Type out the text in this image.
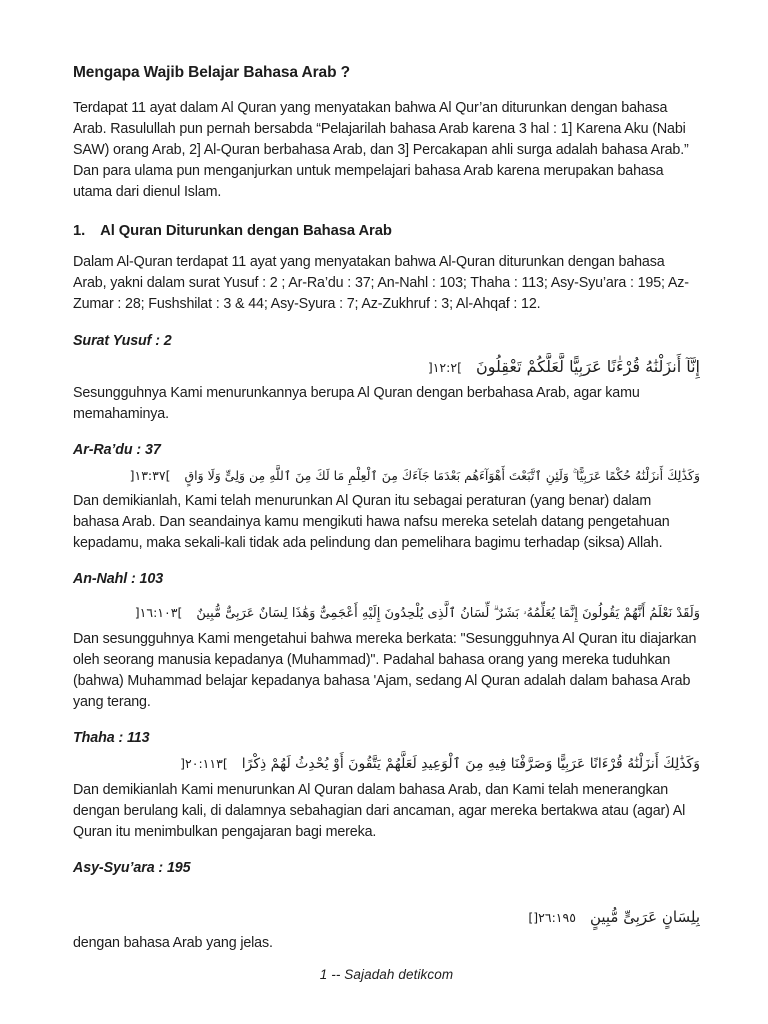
Mengapa Wajib Belajar Bahasa Arab ?

Terdapat 11 ayat dalam Al Quran yang menyatakan bahwa Al Qur’an diturunkan dengan bahasa Arab. Rasulullah pun pernah bersabda “Pelajarilah bahasa Arab karena 3 hal : 1] Karena Aku (Nabi SAW) orang Arab, 2] Al-Quran berbahasa Arab, dan 3] Percakapan ahli surga adalah bahasa Arab.” Dan para ulama pun menganjurkan untuk mempelajari bahasa Arab karena merupakan bahasa utama dari dienul Islam.

1. Al Quran Diturunkan dengan Bahasa Arab

Dalam Al-Quran terdapat 11 ayat yang menyatakan bahwa Al-Quran diturunkan dengan bahasa Arab, yakni dalam surat Yusuf : 2 ; Ar-Ra’du : 37; An-Nahl : 103; Thaha : 113; Asy-Syu’ara : 195; Az-Zumar : 28; Fushshilat : 3 & 44; Asy-Syura : 7; Az-Zukhruf : 3; Al-Ahqaf : 12.

Surat Yusuf : 2
إِنَّآ أَنزَلْنَٰهُ قُرْءَٰنًا عَرَبِيًّا لَّعَلَّكُمْ تَعْقِلُونَ]١٢:٢[

Sesungguhnya Kami menurunkannya berupa Al Quran dengan berbahasa Arab, agar kamu memahaminya.

Ar-Ra’du : 37
وَكَذَٰلِكَ أَنزَلْنَٰهُ حُكْمًا عَرَبِيًّا ۚ وَلَئِنِ ٱتَّبَعْتَ أَهْوَآءَهُم بَعْدَمَا جَآءَكَ مِنَ ٱلْعِلْمِ مَا لَكَ مِنَ ٱللَّهِ مِن وَلِىٍّ وَلَا وَاقٍ]١٣:٣٧[

Dan demikianlah, Kami telah menurunkan Al Quran itu sebagai peraturan (yang benar) dalam bahasa Arab. Dan seandainya kamu mengikuti hawa nafsu mereka setelah datang pengetahuan kepadamu, maka sekali-kali tidak ada pelindung dan pemelihara bagimu terhadap (siksa) Allah.

An-Nahl : 103
وَلَقَدْ نَعْلَمُ أَنَّهُمْ يَقُولُونَ إِنَّمَا يُعَلِّمُهُۥ بَشَرٌ ۗ لِّسَانُ ٱلَّذِى يُلْحِدُونَ إِلَيْهِ أَعْجَمِىٌّ وَهَٰذَا لِسَانٌ عَرَبِىٌّ مُّبِينٌ]١٦:١٠٣[

Dan sesungguhnya Kami mengetahui bahwa mereka berkata: "Sesungguhnya Al Quran itu diajarkan oleh seorang manusia kepadanya (Muhammad)". Padahal bahasa orang yang mereka tuduhkan (bahwa) Muhammad belajar kepadanya bahasa 'Ajam, sedang Al Quran adalah dalam bahasa Arab yang terang.

Thaha : 113
وَكَذَٰلِكَ أَنزَلْنَٰهُ قُرْءَانًا عَرَبِيًّا وَصَرَّفْنَا فِيهِ مِنَ ٱلْوَعِيدِ لَعَلَّهُمْ يَتَّقُونَ أَوْ يُحْدِثُ لَهُمْ ذِكْرًا]٢٠:١١٣[

Dan demikianlah Kami menurunkan Al Quran dalam bahasa Arab, dan Kami telah menerangkan dengan berulang kali, di dalamnya sebahagian dari ancaman, agar mereka bertakwa atau (agar) Al Quran itu menimbulkan pengajaran bagi mereka.

Asy-Syu’ara : 195
بِلِسَانٍ عَرَبِىٍّ مُّبِينٍ[]٢٦:١٩٥

dengan bahasa Arab yang jelas.

1 -- Sajadah detikcom
